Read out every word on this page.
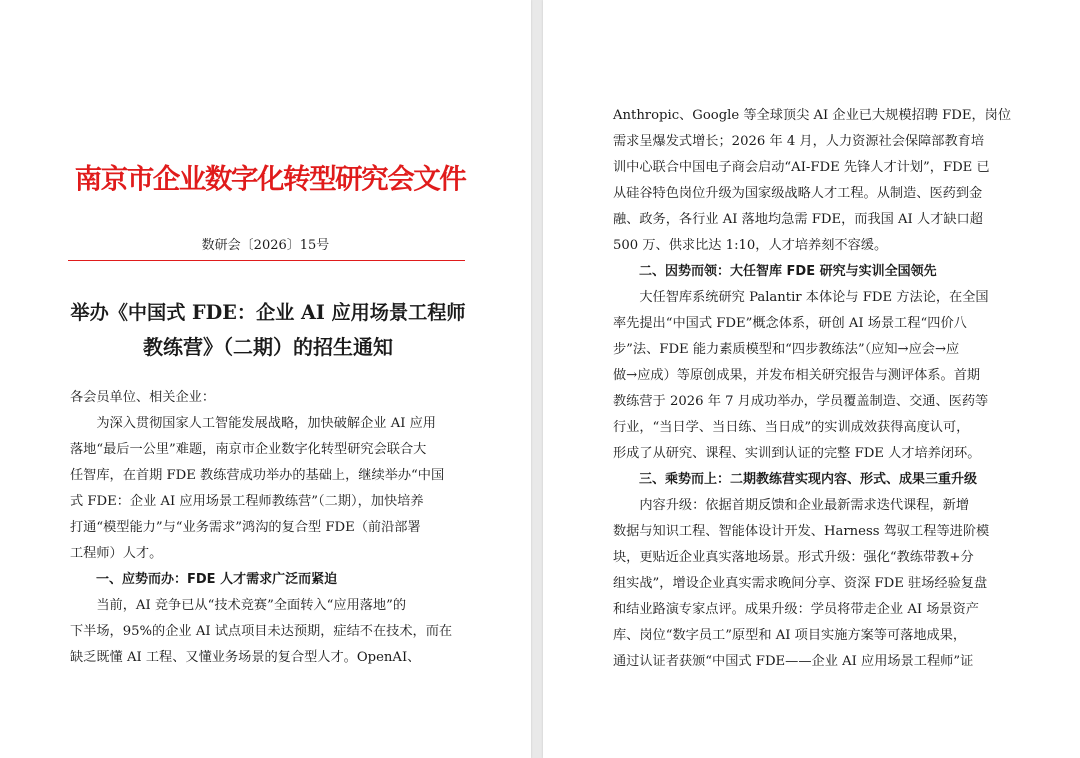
南京市企业数字化转型研究会文件
数研会〔2026〕15号
举办《中国式 FDE：企业 AI 应用场景工程师
教练营》（二期）的招生通知
各会员单位、相关企业：
　　为深入贯彻国家人工智能发展战略，加快破解企业 AI 应用
落地“最后一公里”难题，南京市企业数字化转型研究会联合大
任智库，在首期 FDE 教练营成功举办的基础上，继续举办“中国
式 FDE：企业 AI 应用场景工程师教练营”（二期），加快培养
打通“模型能力”与“业务需求”鸿沟的复合型 FDE（前沿部署
工程师）人才。
　　一、应势而办：FDE 人才需求广泛而紧迫
　　当前，AI 竞争已从“技术竞赛”全面转入“应用落地”的
下半场，95%的企业 AI 试点项目未达预期，症结不在技术，而在
缺乏既懂 AI 工程、又懂业务场景的复合型人才。OpenAI、
Anthropic、Google 等全球顶尖 AI 企业已大规模招聘 FDE，岗位
需求呈爆发式增长；2026 年 4 月，人力资源社会保障部教育培
训中心联合中国电子商会启动“AI-FDE 先锋人才计划”，FDE 已
从硅谷特色岗位升级为国家级战略人才工程。从制造、医药到金
融、政务，各行业 AI 落地均急需 FDE，而我国 AI 人才缺口超
500 万、供求比达 1:10，人才培养刻不容缓。
　　二、因势而领：大任智库 FDE 研究与实训全国领先
　　大任智库系统研究 Palantir 本体论与 FDE 方法论，在全国
率先提出“中国式 FDE”概念体系，研创 AI 场景工程“四价八
步”法、FDE 能力素质模型和“四步教练法”（应知→应会→应
做→应成）等原创成果，并发布相关研究报告与测评体系。首期
教练营于 2026 年 7 月成功举办，学员覆盖制造、交通、医药等
行业，“当日学、当日练、当日成”的实训成效获得高度认可，
形成了从研究、课程、实训到认证的完整 FDE 人才培养闭环。
　　三、乘势而上：二期教练营实现内容、形式、成果三重升级
　　内容升级：依据首期反馈和企业最新需求迭代课程，新增
数据与知识工程、智能体设计开发、Harness 驾驭工程等进阶模
块，更贴近企业真实落地场景。形式升级：强化“教练带教+分
组实战”，增设企业真实需求晚间分享、资深 FDE 驻场经验复盘
和结业路演专家点评。成果升级：学员将带走企业 AI 场景资产
库、岗位“数字员工”原型和 AI 项目实施方案等可落地成果，
通过认证者获颁“中国式 FDE——企业 AI 应用场景工程师”证
